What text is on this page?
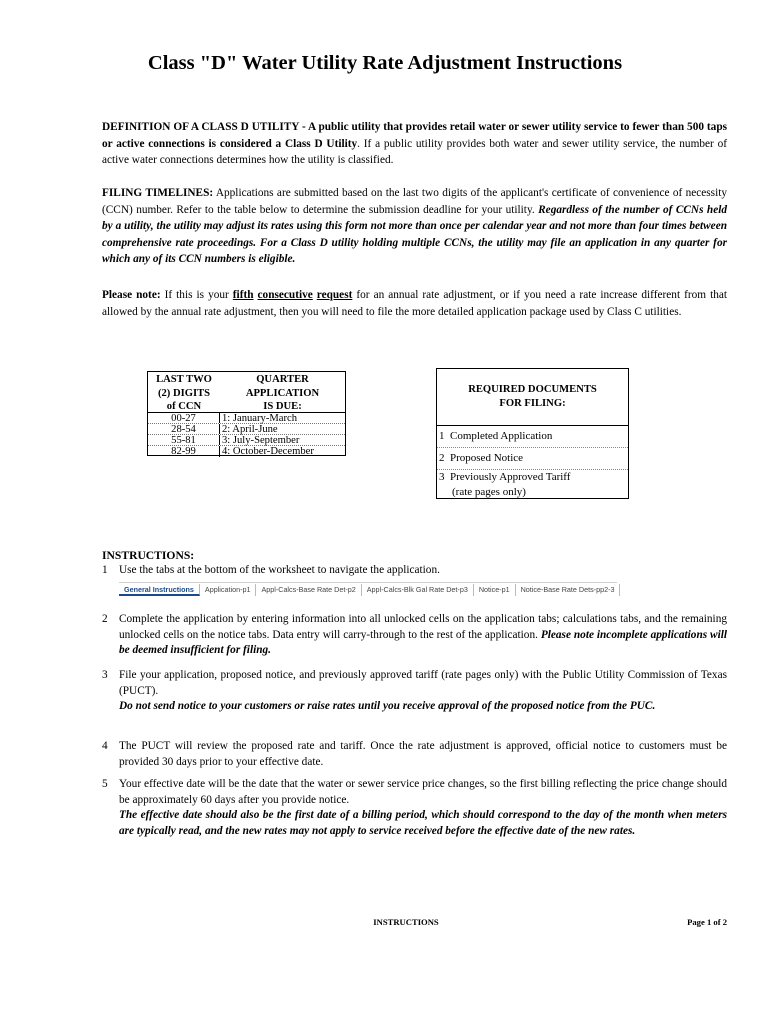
Class "D" Water Utility Rate Adjustment Instructions
DEFINITION OF A CLASS D UTILITY - A public utility that provides retail water or sewer utility service to fewer than 500 taps or active connections is considered a Class D Utility. If a public utility provides both water and sewer utility service, the number of active water connections determines how the utility is classified.
FILING TIMELINES: Applications are submitted based on the last two digits of the applicant's certificate of convenience of necessity (CCN) number. Refer to the table below to determine the submission deadline for your utility. Regardless of the number of CCNs held by a utility, the utility may adjust its rates using this form not more than once per calendar year and not more than four times between comprehensive rate proceedings. For a Class D utility holding multiple CCNs, the utility may file an application in any quarter for which any of its CCN numbers is eligible.
Please note: If this is your fifth consecutive request for an annual rate adjustment, or if you need a rate increase different from that allowed by the annual rate adjustment, then you will need to file the more detailed application package used by Class C utilities.
LAST TWO
(2) DIGITS
of CCN
QUARTER
APPLICATION
IS DUE:
00-27	1: January-March
28-54	2: April-June
55-81	3: July-September
82-99	4: October-December
REQUIRED DOCUMENTS
FOR FILING:
1 Completed Application
2 Proposed Notice
3 Previously Approved Tariff
(rate pages only)
INSTRUCTIONS:
1	Use the tabs at the bottom of the worksheet to navigate the application.
General Instructions	Application-p1	Appl-Calcs-Base Rate Det-p2	Appl-Calcs-Blk Gal Rate Det-p3	Notice-p1	Notice-Base Rate Dets-pp2-3
2	Complete the application by entering information into all unlocked cells on the application tabs; calculations tabs, and the remaining unlocked cells on the notice tabs. Data entry will carry-through to the rest of the application. Please note incomplete applications will be deemed insufficient for filing.
3	File your application, proposed notice, and previously approved tariff (rate pages only) with the Public Utility Commission of Texas (PUCT).
Do not send notice to your customers or raise rates until you receive approval of the proposed notice from the PUC.
4	The PUCT will review the proposed rate and tariff. Once the rate adjustment is approved, official notice to customers must be provided 30 days prior to your effective date.
5	Your effective date will be the date that the water or sewer service price changes, so the first billing reflecting the price change should be approximately 60 days after you provide notice.
The effective date should also be the first date of a billing period, which should correspond to the day of the month when meters are typically read, and the new rates may not apply to service received before the effective date of the new rates.
INSTRUCTIONS	Page 1 of 2
